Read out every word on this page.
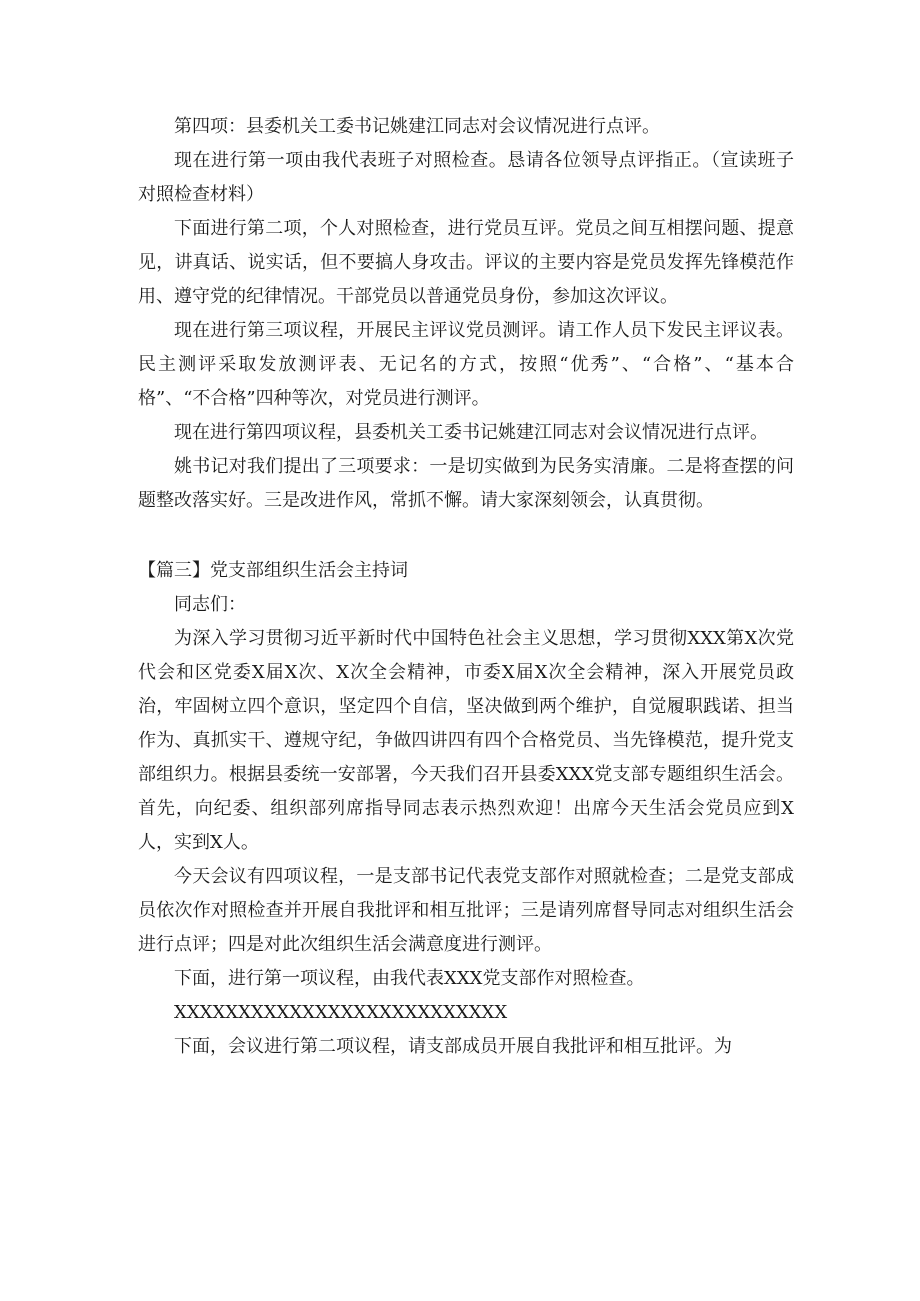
第四项：县委机关工委书记姚建江同志对会议情况进行点评。

现在进行第一项由我代表班子对照检查。恳请各位领导点评指正。（宣读班子对照检查材料）

下面进行第二项，个人对照检查，进行党员互评。党员之间互相摆问题、提意见，讲真话、说实话，但不要搞人身攻击。评议的主要内容是党员发挥先锋模范作用、遵守党的纪律情况。干部党员以普通党员身份，参加这次评议。

现在进行第三项议程，开展民主评议党员测评。请工作人员下发民主评议表。民主测评采取发放测评表、无记名的方式，按照“优秀”、“合格”、“基本合格”、“不合格”四种等次，对党员进行测评。

现在进行第四项议程，县委机关工委书记姚建江同志对会议情况进行点评。

姚书记对我们提出了三项要求：一是切实做到为民务实清廉。二是将查摆的问题整改落实好。三是改进作风，常抓不懈。请大家深刻领会，认真贯彻。

【篇三】党支部组织生活会主持词

同志们：

为深入学习贯彻习近平新时代中国特色社会主义思想，学习贯彻XXX第X次党代会和区党委X届X次、X次全会精神，市委X届X次全会精神，深入开展党员政治，牢固树立四个意识，坚定四个自信，坚决做到两个维护，自觉履职践诺、担当作为、真抓实干、遵规守纪，争做四讲四有四个合格党员、当先锋模范，提升党支部组织力。根据县委统一安部署，今天我们召开县委XXX党支部专题组织生活会。首先，向纪委、组织部列席指导同志表示热烈欢迎！出席今天生活会党员应到X人，实到X人。

今天会议有四项议程，一是支部书记代表党支部作对照就检查；二是党支部成员依次作对照检查并开展自我批评和相互批评；三是请列席督导同志对组织生活会进行点评；四是对此次组织生活会满意度进行测评。

下面，进行第一项议程，由我代表XXX党支部作对照检查。

XXXXXXXXXXXXXXXXXXXXXXXXXX

下面，会议进行第二项议程，请支部成员开展自我批评和相互批评。为
